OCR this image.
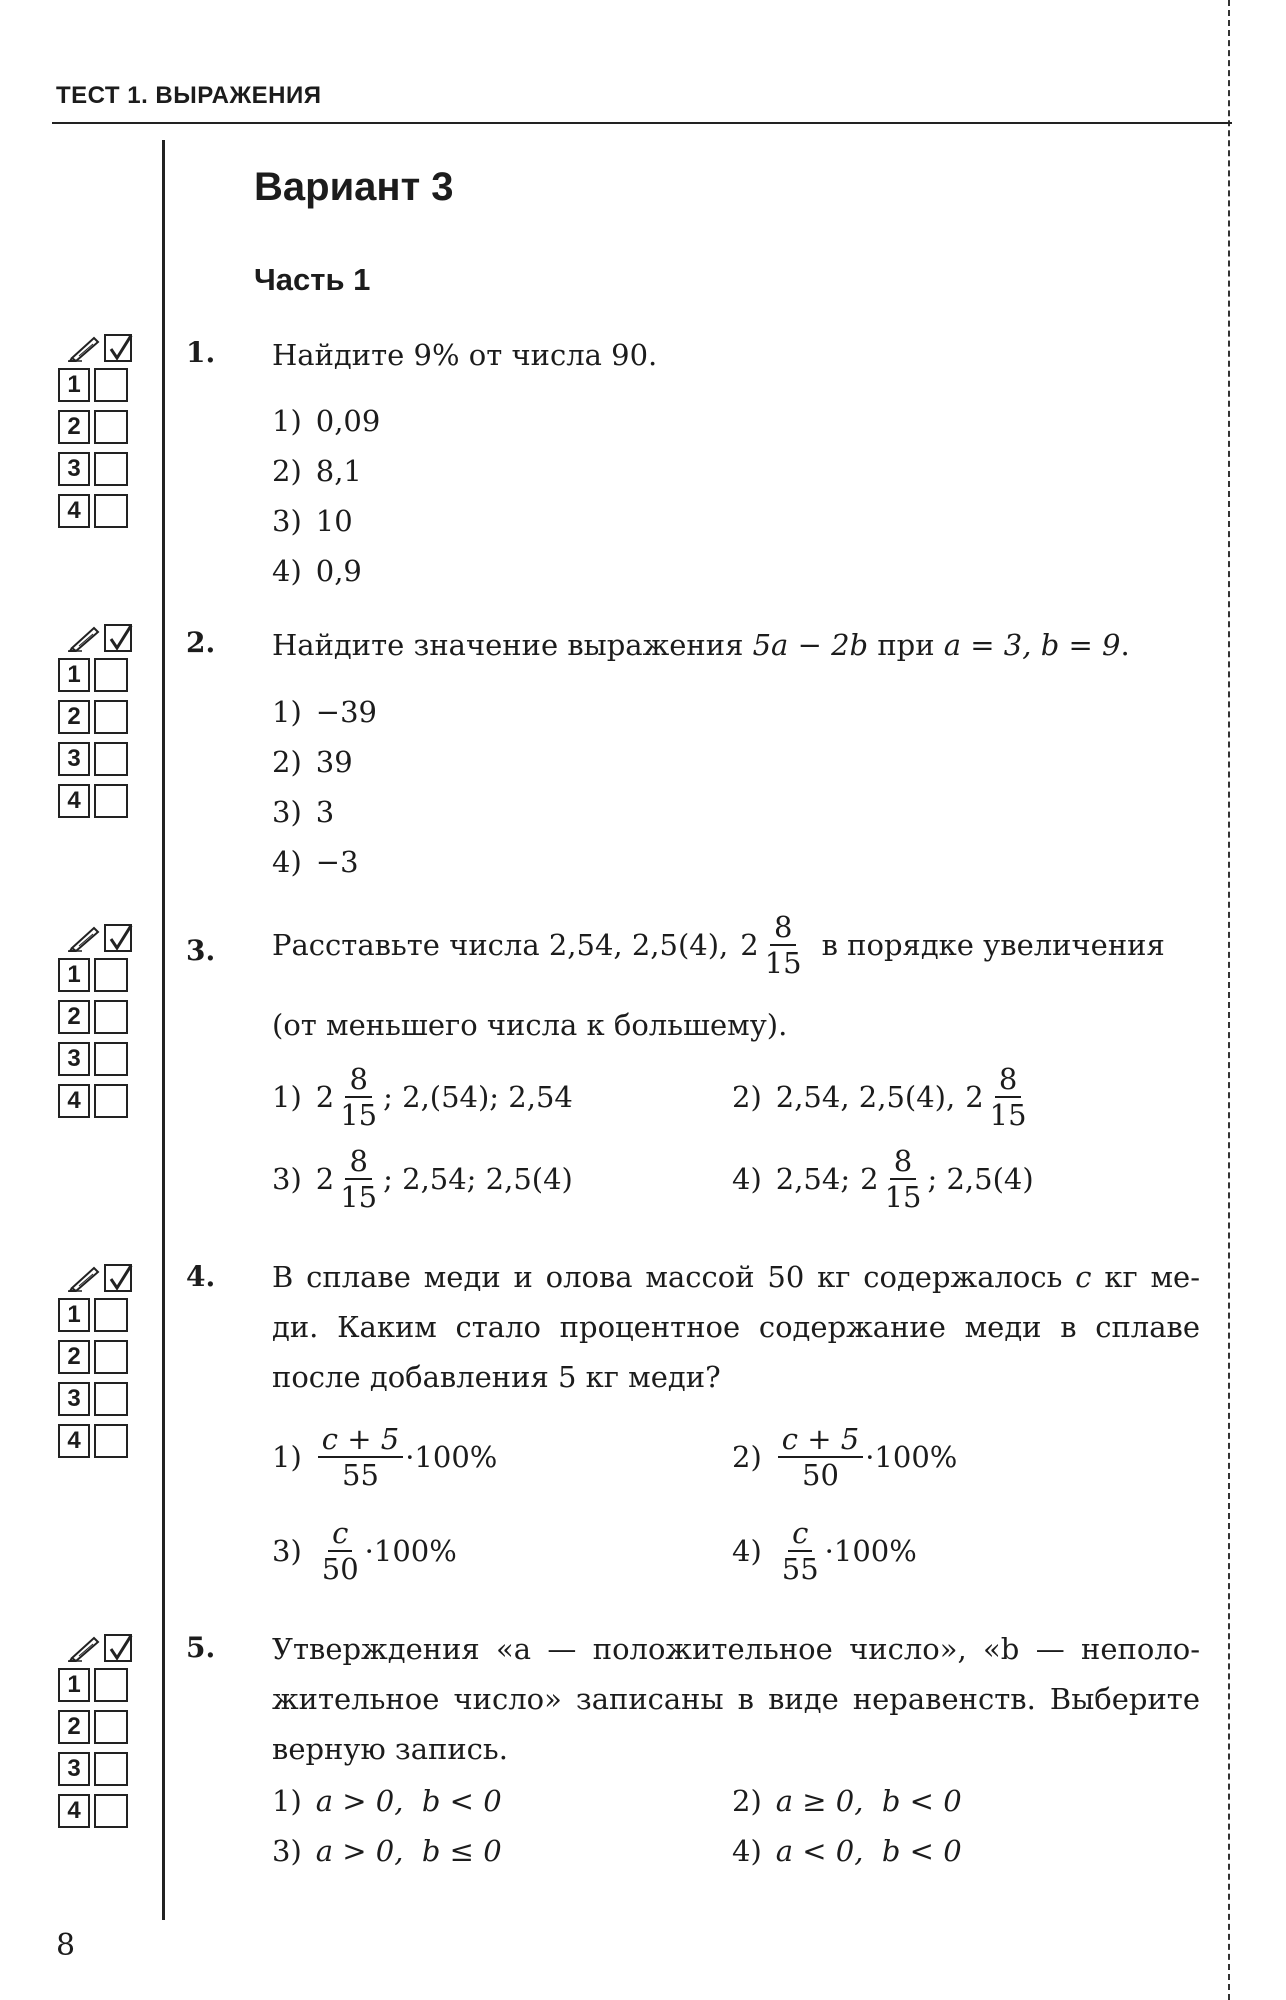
ТЕСТ 1. ВЫРАЖЕНИЯ
Вариант 3
Часть 1
1
2
3
4
1
2
3
4
1
2
3
4
1
2
3
4
1
2
3
4
1. Найдите 9% от числа 90.
1) 0,09
2) 8,1
3) 10
4) 0,9
2. Найдите значение выражения 5a − 2b при a = 3, b = 9.
1) −39
2) 39
3) 3
4) −3
3. Расставьте числа 2,54, 2,5(4), $2 \frac{8}{15}$ в порядке увеличения
(от меньшего числа к большему).
1) $2 \frac{8}{15}$ ; 2,(54); 2,54	2) 2,54, 2,5(4), $2 \frac{8}{15}$
3) $2 \frac{8}{15}$ ; 2,54; 2,5(4)	4) 2,54; $2 \frac{8}{15}$ ; 2,5(4)
4. В сплаве меди и олова массой 50 кг содержалось c кг ме-
ди. Каким стало процентное содержание меди в сплаве
после добавления 5 кг меди?
$1) \frac{c + 5}{55} \cdot 100\%$	$2) \frac{c + 5}{50} \cdot 100\%$
$3) \frac{c}{50} \cdot 100\%$	$4) \frac{c}{55} \cdot 100\%$
5. Утверждения «a — положительное число», «b — неполо-
жительное число» записаны в виде неравенств. Выберите
верную запись.
1) a > 0,  b < 0	2) a ≥ 0,  b < 0
3) a > 0,  b ≤ 0	4) a < 0,  b < 0
8
